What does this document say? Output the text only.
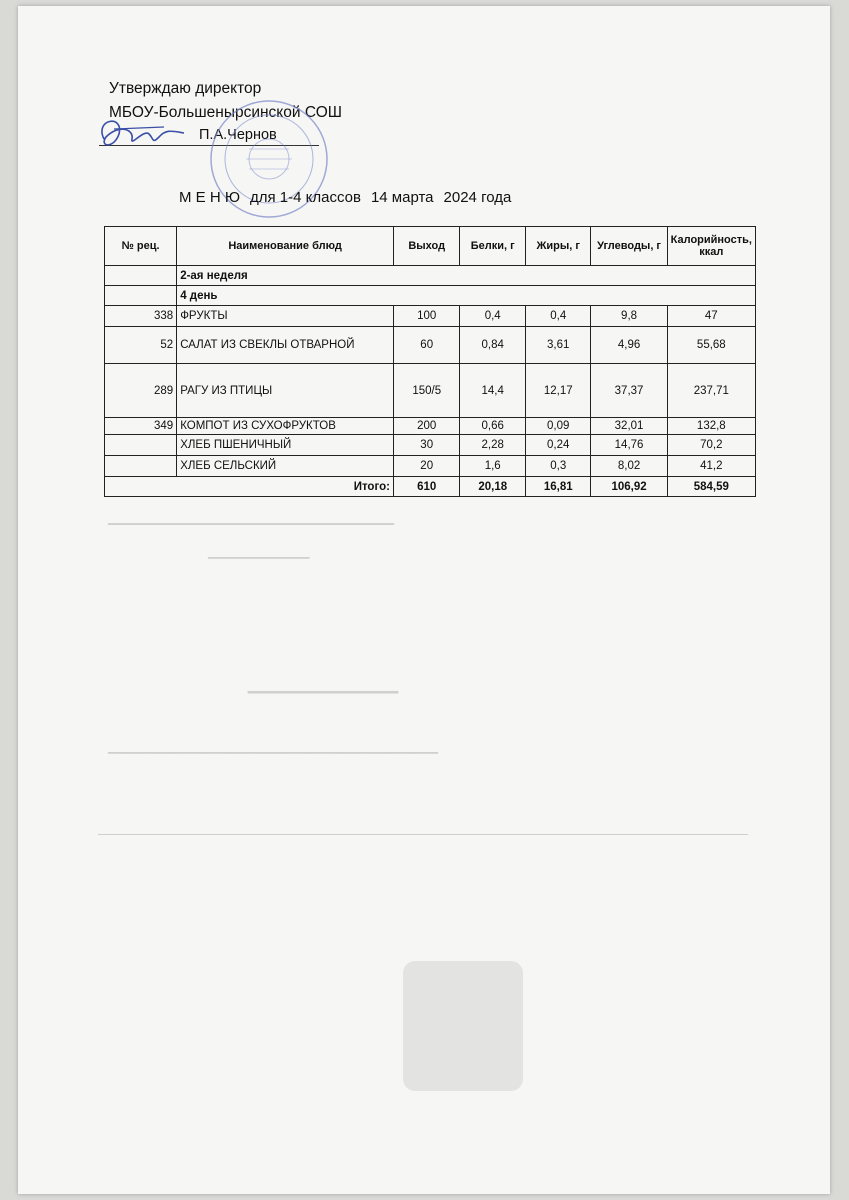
▁▁▁▁▁▁▁▁▁▁▁▁▁▁▁▁▁▁▁▁▁▁▁▁▁▁▁▁▁▁▁
▁▁▁▁▁▁▁▁▁▁▁▁
▁▁▁▁▁▁▁▁▁▁▁▁▁▁▁
▁▁▁▁▁▁▁▁▁▁▁▁▁▁▁▁▁▁▁▁▁▁▁▁▁▁▁▁▁▁▁▁▁▁▁▁▁▁▁
Утверждаю директор
МБОУ-Большеныpсинской СОШ
П.А.Чернов
М Е Н Ю для 1-4 классов 14 марта 2024 года
№ рец.	Наименование блюд	Выход	Белки, г	Жиры, г	Углеводы, г	Калорийность, ккал
	2-ая неделя					
	4 день					
338	ФРУКТЫ	100	0,4	0,4	9,8	47
52	САЛАТ ИЗ СВЕКЛЫ ОТВАРНОЙ	60	0,84	3,61	4,96	55,68
289	РАГУ ИЗ ПТИЦЫ	150/5	14,4	12,17	37,37	237,71
349	КОМПОТ ИЗ СУХОФРУКТОВ	200	0,66	0,09	32,01	132,8
	ХЛЕБ ПШЕНИЧНЫЙ	30	2,28	0,24	14,76	70,2
	ХЛЕБ СЕЛЬСКИЙ	20	1,6	0,3	8,02	41,2
Итого:		610	20,18	16,81	106,92	584,59
